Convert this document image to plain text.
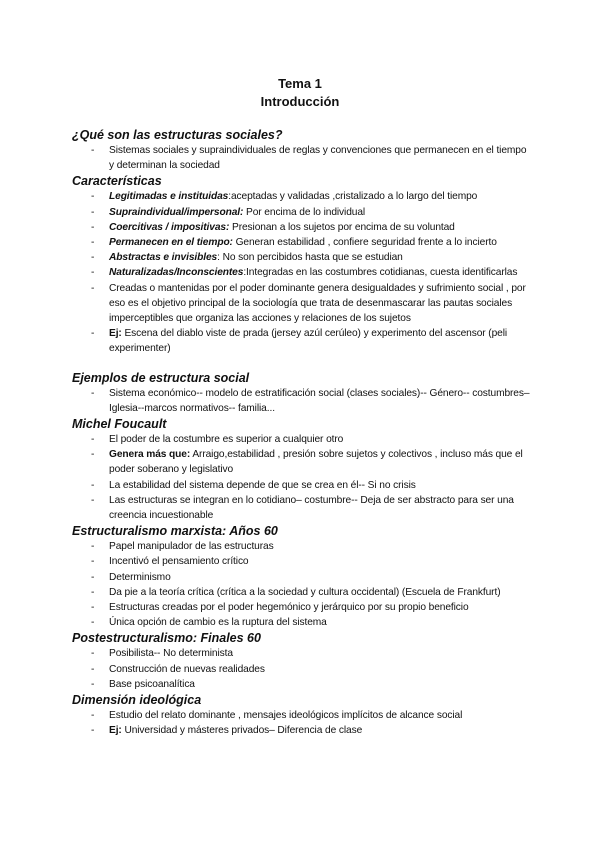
Tema 1
Introducción
¿Qué son las estructuras sociales?
- Sistemas sociales y supraindividuales de reglas y convenciones que permanecen en el tiempo y determinan la sociedad
Características
- Legitimadas e instituidas:aceptadas y validadas ,cristalizado a lo largo del tiempo
- Supraindividual/impersonal: Por encima de lo individual
- Coercitivas / impositivas: Presionan a los sujetos por encima de su voluntad
- Permanecen en el tiempo: Generan estabilidad , confiere seguridad frente a lo incierto
- Abstractas e invisibles: No son percibidos hasta que se estudian
- Naturalizadas/Inconscientes:Integradas en las costumbres cotidianas, cuesta identificarlas
- Creadas o mantenidas por el poder dominante genera desigualdades y sufrimiento social , por eso es el objetivo principal de la sociología que trata de desenmascarar las pautas sociales imperceptibles que organiza las acciones y relaciones de los sujetos
- Ej: Escena del diablo viste de prada (jersey azúl cerúleo) y experimento del ascensor (peli experimenter)
Ejemplos de estructura social
- Sistema económico-- modelo de estratificación social (clases sociales)-- Género-- costumbres– Iglesia--marcos normativos-- familia...
Michel Foucault
- El poder de la costumbre es superior a cualquier otro
- Genera más que: Arraigo,estabilidad , presión sobre sujetos y colectivos , incluso más que el poder soberano y legislativo
- La estabilidad del sistema depende de que se crea en él-- Si no crisis
- Las estructuras se integran en lo cotidiano– costumbre-- Deja de ser abstracto para ser una creencia incuestionable
Estructuralismo marxista: Años 60
- Papel manipulador de las estructuras
- Incentivó el pensamiento crítico
- Determinismo
- Da pie a la teoría crítica (crítica a la sociedad y cultura occidental) (Escuela de Frankfurt)
- Estructuras creadas por el poder hegemónico y jerárquico por su propio beneficio
- Única opción de cambio es la ruptura del sistema
Postestructuralismo: Finales 60
- Posibilista-- No determinista
- Construcción de nuevas realidades
- Base psicoanalítica
Dimensión ideológica
- Estudio del relato dominante , mensajes ideológicos implícitos de alcance social
- Ej: Universidad y másteres privados– Diferencia de clase
